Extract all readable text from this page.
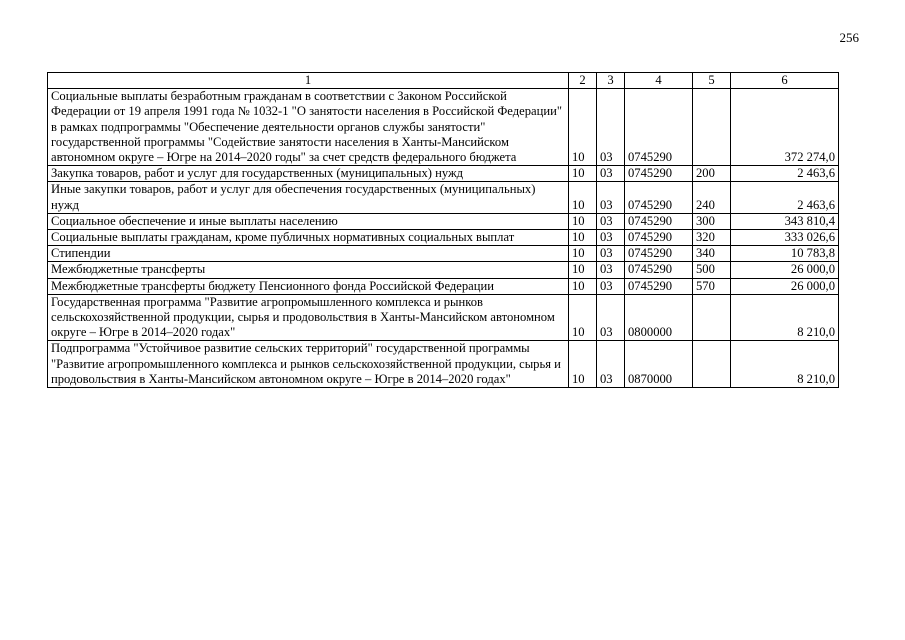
256
1	2	3	4	5	6
Социальные выплаты безработным гражданам в соответствии с Законом Российской Федерации от 19 апреля 1991 года № 1032-1 "О занятости населения в Российской Федерации" в рамках подпрограммы "Обеспечение деятельности органов службы занятости" государственной программы "Содействие занятости населения в Ханты-Мансийском автономном округе – Югре на 2014–2020 годы" за счет средств федерального бюджета	10	03	0745290		372 274,0
Закупка товаров, работ и услуг для государственных (муниципальных) нужд	10	03	0745290	200	2 463,6
Иные закупки товаров, работ и услуг для обеспечения государственных (муниципальных) нужд	10	03	0745290	240	2 463,6
Социальное обеспечение и иные выплаты населению	10	03	0745290	300	343 810,4
Социальные выплаты гражданам, кроме публичных нормативных социальных выплат	10	03	0745290	320	333 026,6
Стипендии	10	03	0745290	340	10 783,8
Межбюджетные трансферты	10	03	0745290	500	26 000,0
Межбюджетные трансферты бюджету Пенсионного фонда Российской Федерации	10	03	0745290	570	26 000,0
Государственная программа "Развитие агропромышленного комплекса и рынков сельскохозяйственной продукции, сырья и продовольствия в Ханты-Мансийском автономном округе – Югре в 2014–2020 годах"	10	03	0800000		8 210,0
Подпрограмма "Устойчивое развитие сельских территорий" государственной программы "Развитие агропромышленного комплекса и рынков сельскохозяйственной продукции, сырья и продовольствия в Ханты-Мансийском автономном округе – Югре в 2014–2020 годах"	10	03	0870000		8 210,0
